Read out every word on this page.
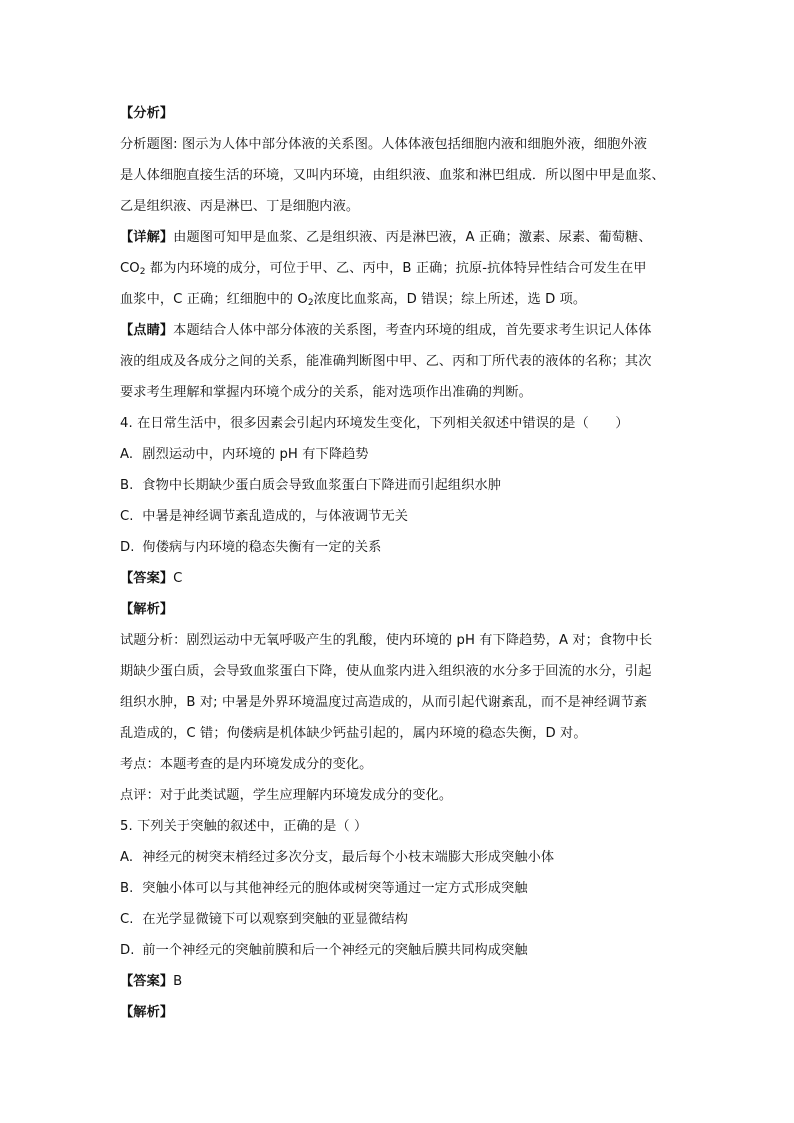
【分析】
分析题图: 图示为人体中部分体液的关系图。人体体液包括细胞内液和细胞外液，细胞外液
是人体细胞直接生活的环境，又叫内环境，由组织液、血浆和淋巴组成．所以图中甲是血浆、
乙是组织液、丙是淋巴、丁是细胞内液。
【详解】由题图可知甲是血浆、乙是组织液、丙是淋巴液，A 正确；激素、尿素、葡萄糖、
$CO_2$ 都为内环境的成分，可位于甲、乙、丙中，B 正确；抗原-抗体特异性结合可发生在甲
血浆中，C 正确；红细胞中的 $O_2$浓度比血浆高，D 错误；综上所述，选 D 项。
【点睛】本题结合人体中部分体液的关系图，考查内环境的组成，首先要求考生识记人体体
液的组成及各成分之间的关系，能准确判断图中甲、乙、丙和丁所代表的液体的名称；其次
要求考生理解和掌握内环境个成分的关系，能对选项作出准确的判断。
4. 在日常生活中，很多因素会引起内环境发生变化，下列相关叙述中错误的是（　　）
A. 剧烈运动中，内环境的 pH 有下降趋势
B. 食物中长期缺少蛋白质会导致血浆蛋白下降进而引起组织水肿
C. 中暑是神经调节紊乱造成的，与体液调节无关
D. 佝偻病与内环境的稳态失衡有一定的关系
【答案】C
【解析】
试题分析：剧烈运动中无氧呼吸产生的乳酸，使内环境的 pH 有下降趋势，A 对；食物中长
期缺少蛋白质，会导致血浆蛋白下降，使从血浆内进入组织液的水分多于回流的水分，引起
组织水肿，B 对; 中暑是外界环境温度过高造成的，从而引起代谢紊乱，而不是神经调节紊
乱造成的，C 错；佝偻病是机体缺少钙盐引起的，属内环境的稳态失衡，D 对。
考点：本题考查的是内环境发成分的变化。
点评：对于此类试题，学生应理解内环境发成分的变化。
5. 下列关于突触的叙述中，正确的是（ ）
A. 神经元的树突末梢经过多次分支，最后每个小枝末端膨大形成突触小体
B. 突触小体可以与其他神经元的胞体或树突等通过一定方式形成突触
C. 在光学显微镜下可以观察到突触的亚显微结构
D. 前一个神经元的突触前膜和后一个神经元的突触后膜共同构成突触
【答案】B
【解析】
